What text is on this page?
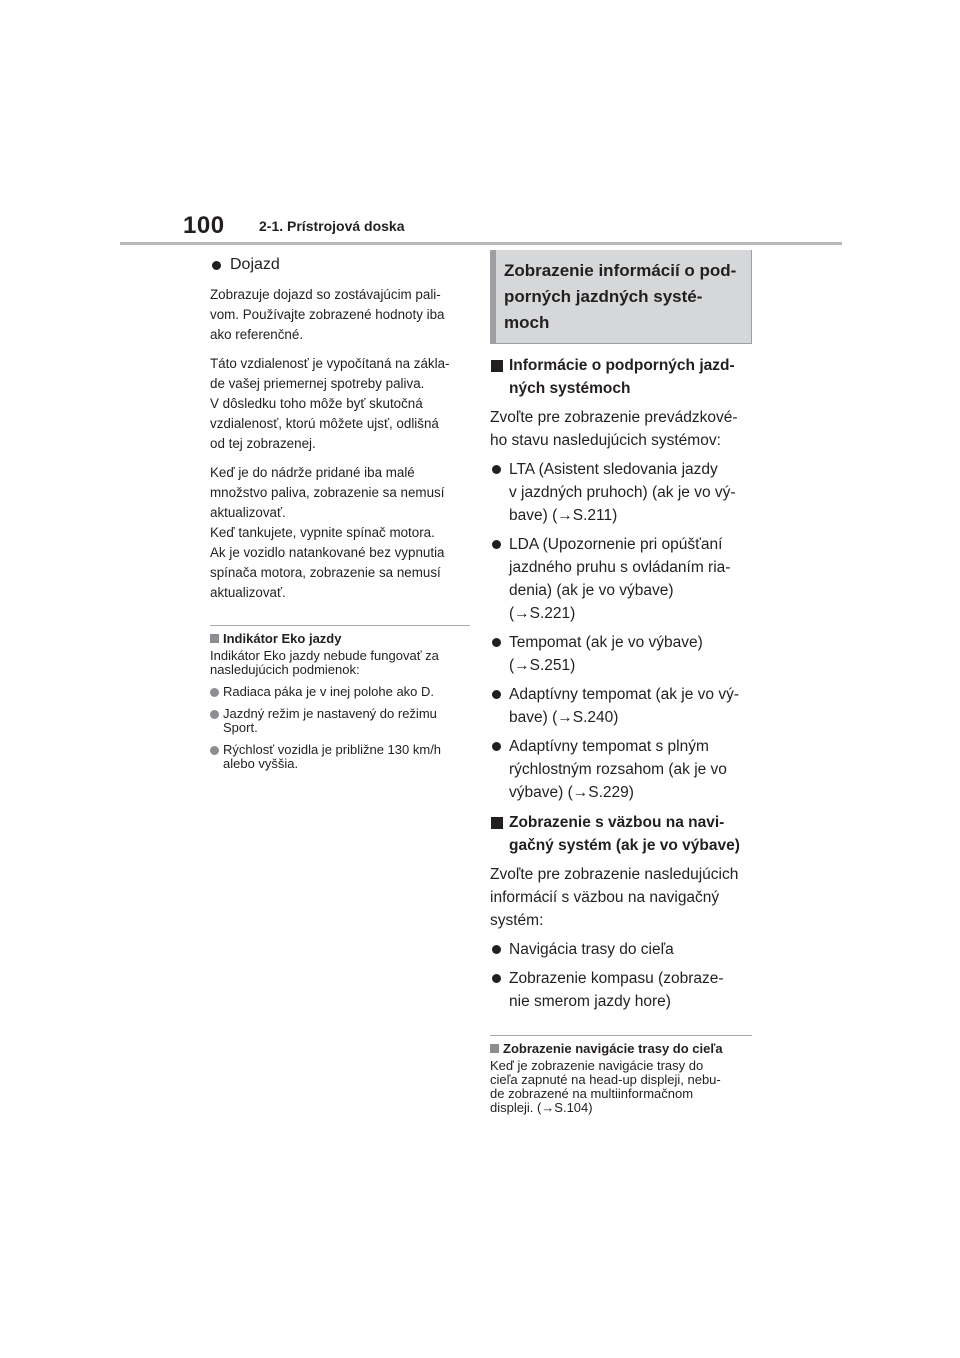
100 2-1. Prístrojová doska
Dojazd
Zobrazuje dojazd so zostávajúcim pali-
vom. Používajte zobrazené hodnoty iba
ako referenčné.
Táto vzdialenosť je vypočítaná na zákla-
de vašej priemernej spotreby paliva.
V dôsledku toho môže byť skutočná
vzdialenosť, ktorú môžete ujsť, odlišná
od tej zobrazenej.
Keď je do nádrže pridané iba malé
množstvo paliva, zobrazenie sa nemusí
aktualizovať.
Keď tankujete, vypnite spínač motora.
Ak je vozidlo natankované bez vypnutia
spínača motora, zobrazenie sa nemusí
aktualizovať.
Indikátor Eko jazdy
Indikátor Eko jazdy nebude fungovať za
nasledujúcich podmienok:
Radiaca páka je v inej polohe ako D.
Jazdný režim je nastavený do režimu
Sport.
Rýchlosť vozidla je približne 130 km/h
alebo vyššia.
Zobrazenie informácií o pod-
porných jazdných systé-
moch
Informácie o podporných jazd-
ných systémoch
Zvoľte pre zobrazenie prevádzkové-
ho stavu nasledujúcich systémov:
LTA (Asistent sledovania jazdy
v jazdných pruhoch) (ak je vo vý-
bave) (→S.211)
LDA (Upozornenie pri opúšťaní
jazdného pruhu s ovládaním ria-
denia) (ak je vo výbave)
(→S.221)
Tempomat (ak je vo výbave)
(→S.251)
Adaptívny tempomat (ak je vo vý-
bave) (→S.240)
Adaptívny tempomat s plným
rýchlostným rozsahom (ak je vo
výbave) (→S.229)
Zobrazenie s väzbou na navi-
gačný systém (ak je vo výbave)
Zvoľte pre zobrazenie nasledujúcich
informácií s väzbou na navigačný
systém:
Navigácia trasy do cieľa
Zobrazenie kompasu (zobraze-
nie smerom jazdy hore)
Zobrazenie navigácie trasy do cieľa
Keď je zobrazenie navigácie trasy do
cieľa zapnuté na head-up displeji, nebu-
de zobrazené na multiinformačnom
displeji. (→S.104)
